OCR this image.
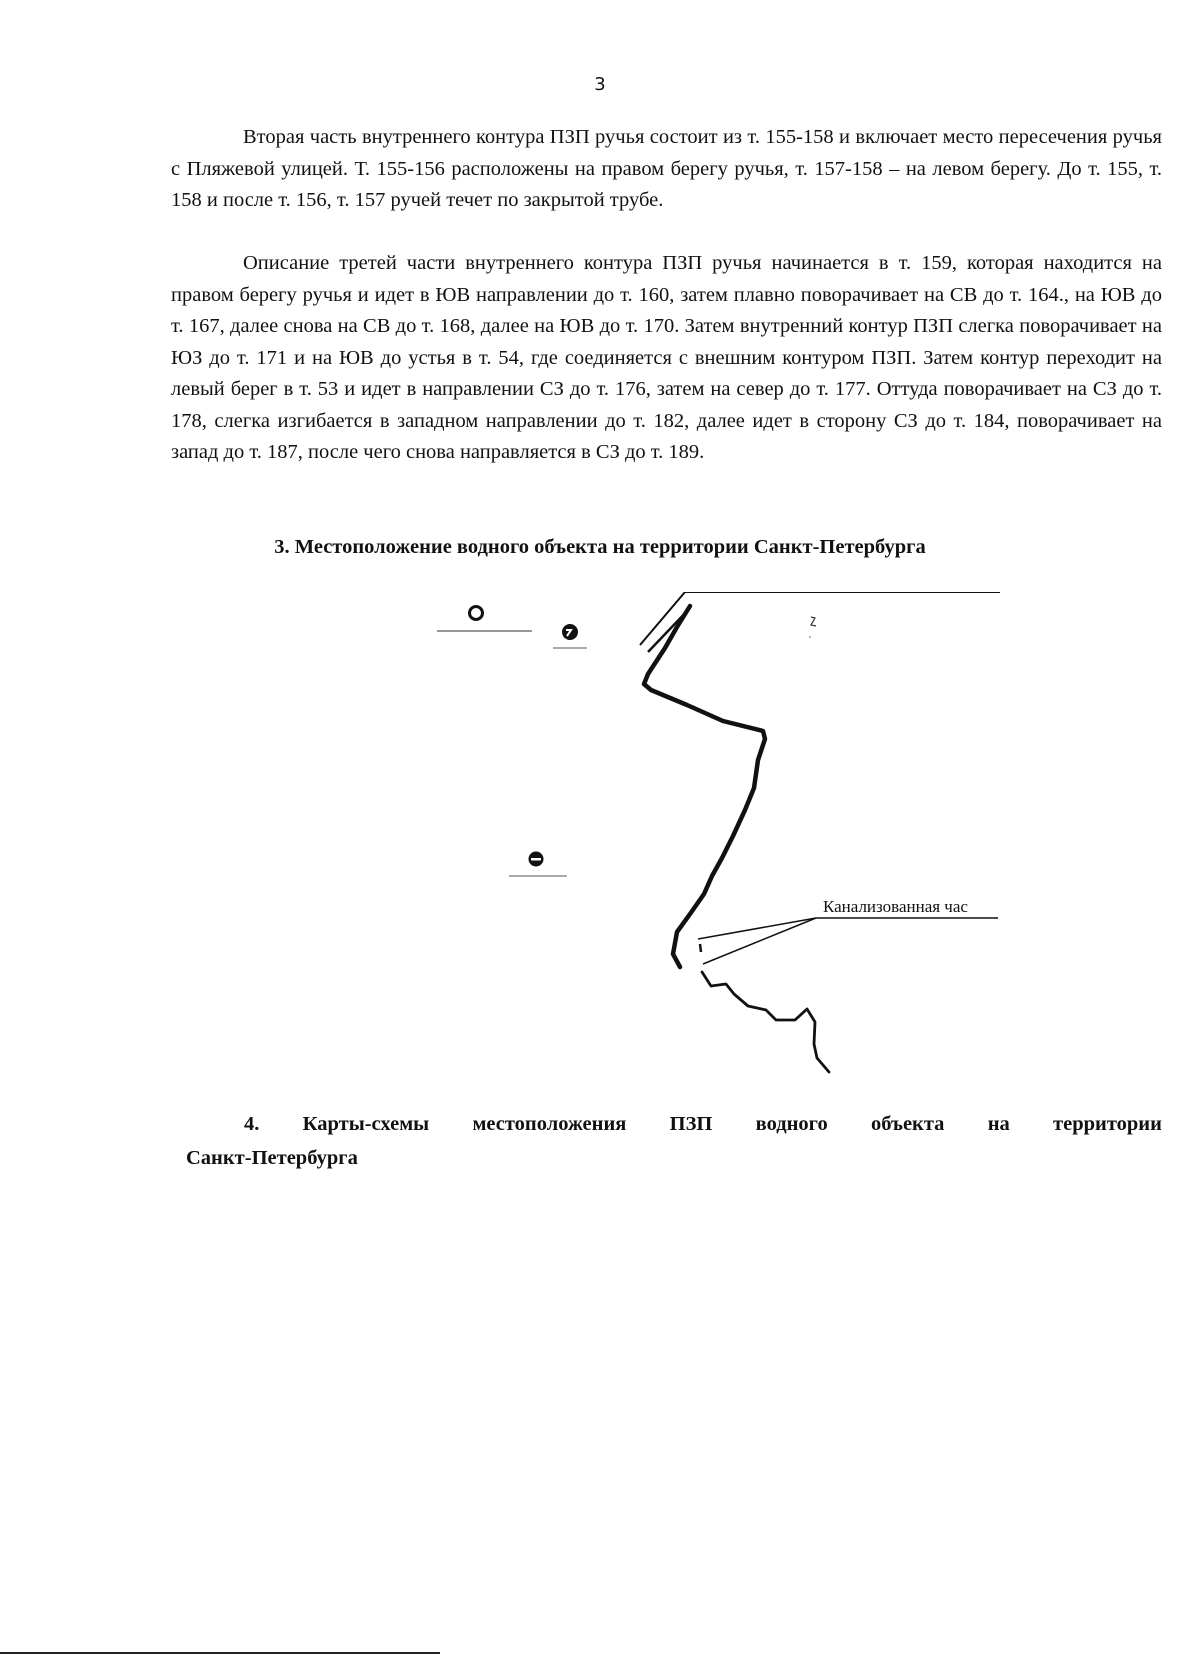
3

Вторая часть внутреннего контура ПЗП ручья состоит из т. 155-158 и включает место пересечения ручья с Пляжевой улицей. Т. 155-156 расположены на правом берегу ручья, т. 157-158 – на левом берегу. До т. 155, т. 158 и после т. 156, т. 157 ручей течет по закрытой трубе.

Описание третей части внутреннего контура ПЗП ручья начинается в т. 159, которая находится на правом берегу ручья и идет в ЮВ направлении до т. 160, затем плавно поворачивает на СВ до т. 164., на ЮВ до т. 167, далее снова на СВ до т. 168, далее на ЮВ до т. 170. Затем внутренний контур ПЗП слегка поворачивает на ЮЗ до т. 171 и на ЮВ до устья в т. 54, где соединяется с внешним контуром ПЗП. Затем контур переходит на левый берег в т. 53 и идет в направлении СЗ до т. 176, затем на север до т. 177. Оттуда поворачивает на СЗ до т. 178, слегка изгибается в западном направлении до т. 182, далее идет в сторону СЗ до т. 184, поворачивает на запад до т. 187, после чего снова направляется в СЗ до т. 189.

3. Местоположение водного объекта на территории Санкт-Петербурга
Канализованная час
4. Карты-схемы местоположения ПЗП водного объекта на территории
Санкт-Петербурга
